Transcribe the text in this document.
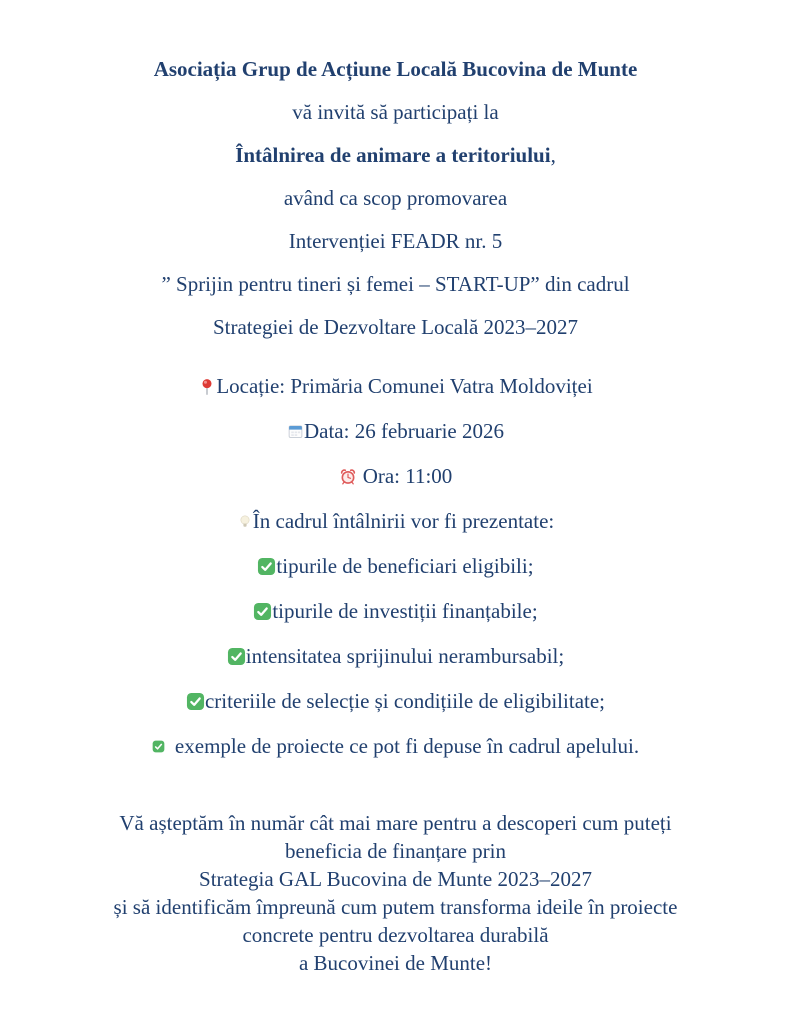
Asociația Grup de Acțiune Locală Bucovina de Munte
vă invită să participați la
Întâlnirea de animare a teritoriului,
având ca scop promovarea
Intervenției FEADR nr. 5
” Sprijin pentru tineri și femei – START-UP” din cadrul
Strategiei de Dezvoltare Locală 2023–2027
Locație: Primăria Comunei Vatra Moldoviței
Data: 26 februarie 2026
Ora: 11:00
În cadrul întâlnirii vor fi prezentate:
tipurile de beneficiari eligibili;
tipurile de investiții finanțabile;
intensitatea sprijinului nerambursabil;
criteriile de selecție și condițiile de eligibilitate;
exemple de proiecte ce pot fi depuse în cadrul apelului.
Vă așteptăm în număr cât mai mare pentru a descoperi cum puteți
beneficia de finanțare prin
Strategia GAL Bucovina de Munte 2023–2027
și să identificăm împreună cum putem transforma ideile în proiecte
concrete pentru dezvoltarea durabilă
a Bucovinei de Munte!
